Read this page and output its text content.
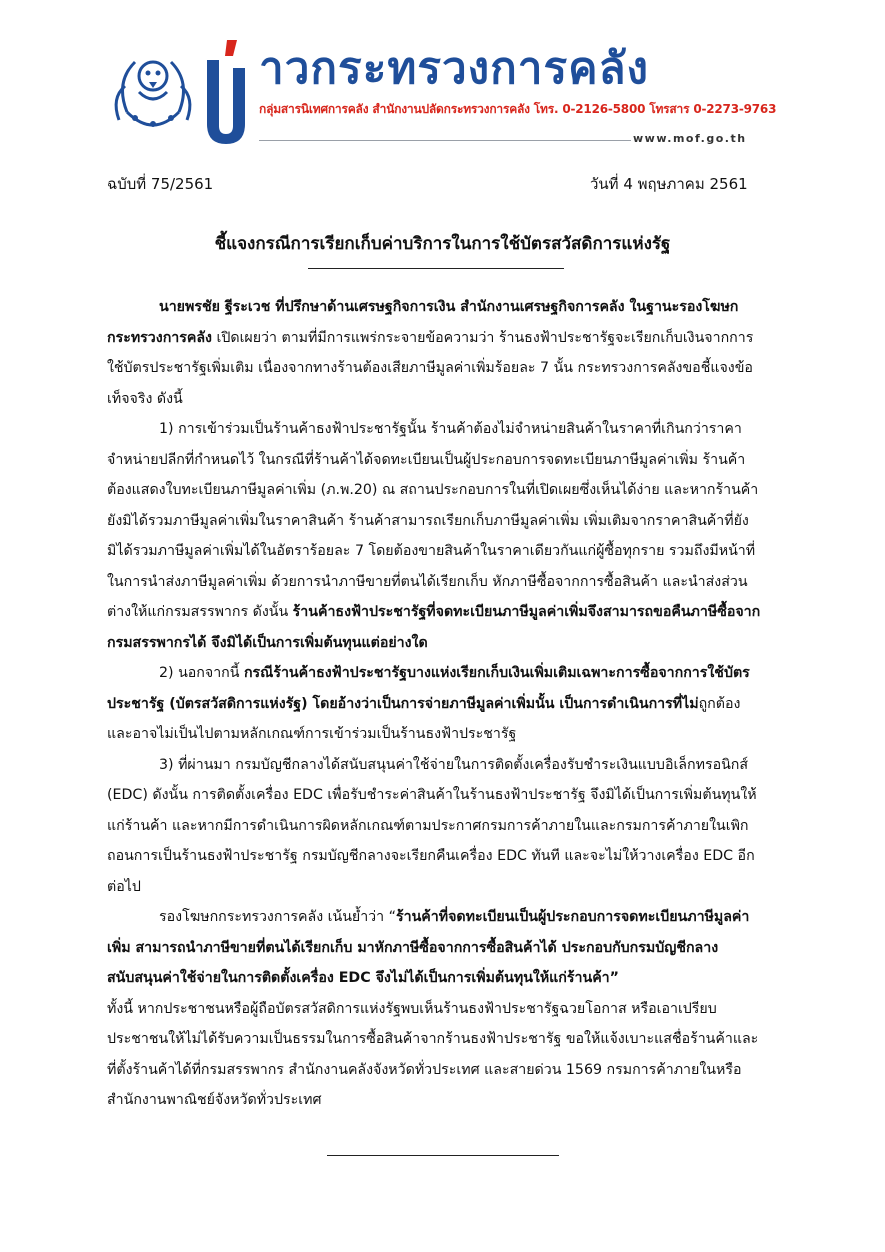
าวกระทรวงการคลัง
กลุ่มสารนิเทศการคลัง สำนักงานปลัดกระทรวงการคลัง โทร. 0-2126-5800 โทรสาร 0-2273-9763
www.mof.go.th
ฉบับที่ 75/2561	วันที่ 4 พฤษภาคม 2561
ชี้แจงกรณีการเรียกเก็บค่าบริการในการใช้บัตรสวัสดิการแห่งรัฐ

นายพรชัย ฐีระเวช ที่ปรึกษาด้านเศรษฐกิจการเงิน สำนักงานเศรษฐกิจการคลัง ในฐานะรองโฆษกกระทรวงการคลัง เปิดเผยว่า ตามที่มีการแพร่กระจายข้อความว่า ร้านธงฟ้าประชารัฐจะเรียกเก็บเงินจากการใช้บัตรประชารัฐเพิ่มเติม เนื่องจากทางร้านต้องเสียภาษีมูลค่าเพิ่มร้อยละ 7 นั้น กระทรวงการคลังขอชี้แจงข้อเท็จจริง ดังนี้

1) การเข้าร่วมเป็นร้านค้าธงฟ้าประชารัฐนั้น ร้านค้าต้องไม่จำหน่ายสินค้าในราคาที่เกินกว่าราคาจำหน่ายปลีกที่กำหนดไว้ ในกรณีที่ร้านค้าได้จดทะเบียนเป็นผู้ประกอบการจดทะเบียนภาษีมูลค่าเพิ่ม ร้านค้าต้องแสดงใบทะเบียนภาษีมูลค่าเพิ่ม (ภ.พ.20) ณ สถานประกอบการในที่เปิดเผยซึ่งเห็นได้ง่าย และหากร้านค้ายังมิได้รวมภาษีมูลค่าเพิ่มในราคาสินค้า ร้านค้าสามารถเรียกเก็บภาษีมูลค่าเพิ่ม เพิ่มเติมจากราคาสินค้าที่ยังมิได้รวมภาษีมูลค่าเพิ่มได้ในอัตราร้อยละ 7 โดยต้องขายสินค้าในราคาเดียวกันแก่ผู้ซื้อทุกราย รวมถึงมีหน้าที่ในการนำส่งภาษีมูลค่าเพิ่ม ด้วยการนำภาษีขายที่ตนได้เรียกเก็บ หักภาษีซื้อจากการซื้อสินค้า และนำส่งส่วนต่างให้แก่กรมสรรพากร ดังนั้น ร้านค้าธงฟ้าประชารัฐที่จดทะเบียนภาษีมูลค่าเพิ่มจึงสามารถขอคืนภาษีซื้อจากกรมสรรพากรได้ จึงมิได้เป็นการเพิ่มต้นทุนแต่อย่างใด

2) นอกจากนี้ กรณีร้านค้าธงฟ้าประชารัฐบางแห่งเรียกเก็บเงินเพิ่มเติมเฉพาะการซื้อจากการใช้บัตรประชารัฐ (บัตรสวัสดิการแห่งรัฐ) โดยอ้างว่าเป็นการจ่ายภาษีมูลค่าเพิ่มนั้น เป็นการดำเนินการที่ไม่ถูกต้อง และอาจไม่เป็นไปตามหลักเกณฑ์การเข้าร่วมเป็นร้านธงฟ้าประชารัฐ

3) ที่ผ่านมา กรมบัญชีกลางได้สนับสนุนค่าใช้จ่ายในการติดตั้งเครื่องรับชำระเงินแบบอิเล็กทรอนิกส์ (EDC) ดังนั้น การติดตั้งเครื่อง EDC เพื่อรับชำระค่าสินค้าในร้านธงฟ้าประชารัฐ จึงมิได้เป็นการเพิ่มต้นทุนให้แก่ร้านค้า และหากมีการดำเนินการผิดหลักเกณฑ์ตามประกาศกรมการค้าภายในและกรมการค้าภายในเพิกถอนการเป็นร้านธงฟ้าประชารัฐ กรมบัญชีกลางจะเรียกคืนเครื่อง EDC ทันที และจะไม่ให้วางเครื่อง EDC อีกต่อไป

รองโฆษกกระทรวงการคลัง เน้นย้ำว่า “ร้านค้าที่จดทะเบียนเป็นผู้ประกอบการจดทะเบียนภาษีมูลค่าเพิ่ม สามารถนำภาษีขายที่ตนได้เรียกเก็บ มาหักภาษีซื้อจากการซื้อสินค้าได้ ประกอบกับกรมบัญชีกลางสนับสนุนค่าใช้จ่ายในการติดตั้งเครื่อง EDC จึงไม่ได้เป็นการเพิ่มต้นทุนให้แก่ร้านค้า”

ทั้งนี้ หากประชาชนหรือผู้ถือบัตรสวัสดิการแห่งรัฐพบเห็นร้านธงฟ้าประชารัฐฉวยโอกาส หรือเอาเปรียบประชาชนให้ไม่ได้รับความเป็นธรรมในการซื้อสินค้าจากร้านธงฟ้าประชารัฐ ขอให้แจ้งเบาะแสชื่อร้านค้าและที่ตั้งร้านค้าได้ที่กรมสรรพากร สำนักงานคลังจังหวัดทั่วประเทศ และสายด่วน 1569 กรมการค้าภายในหรือสำนักงานพาณิชย์จังหวัดทั่วประเทศ
